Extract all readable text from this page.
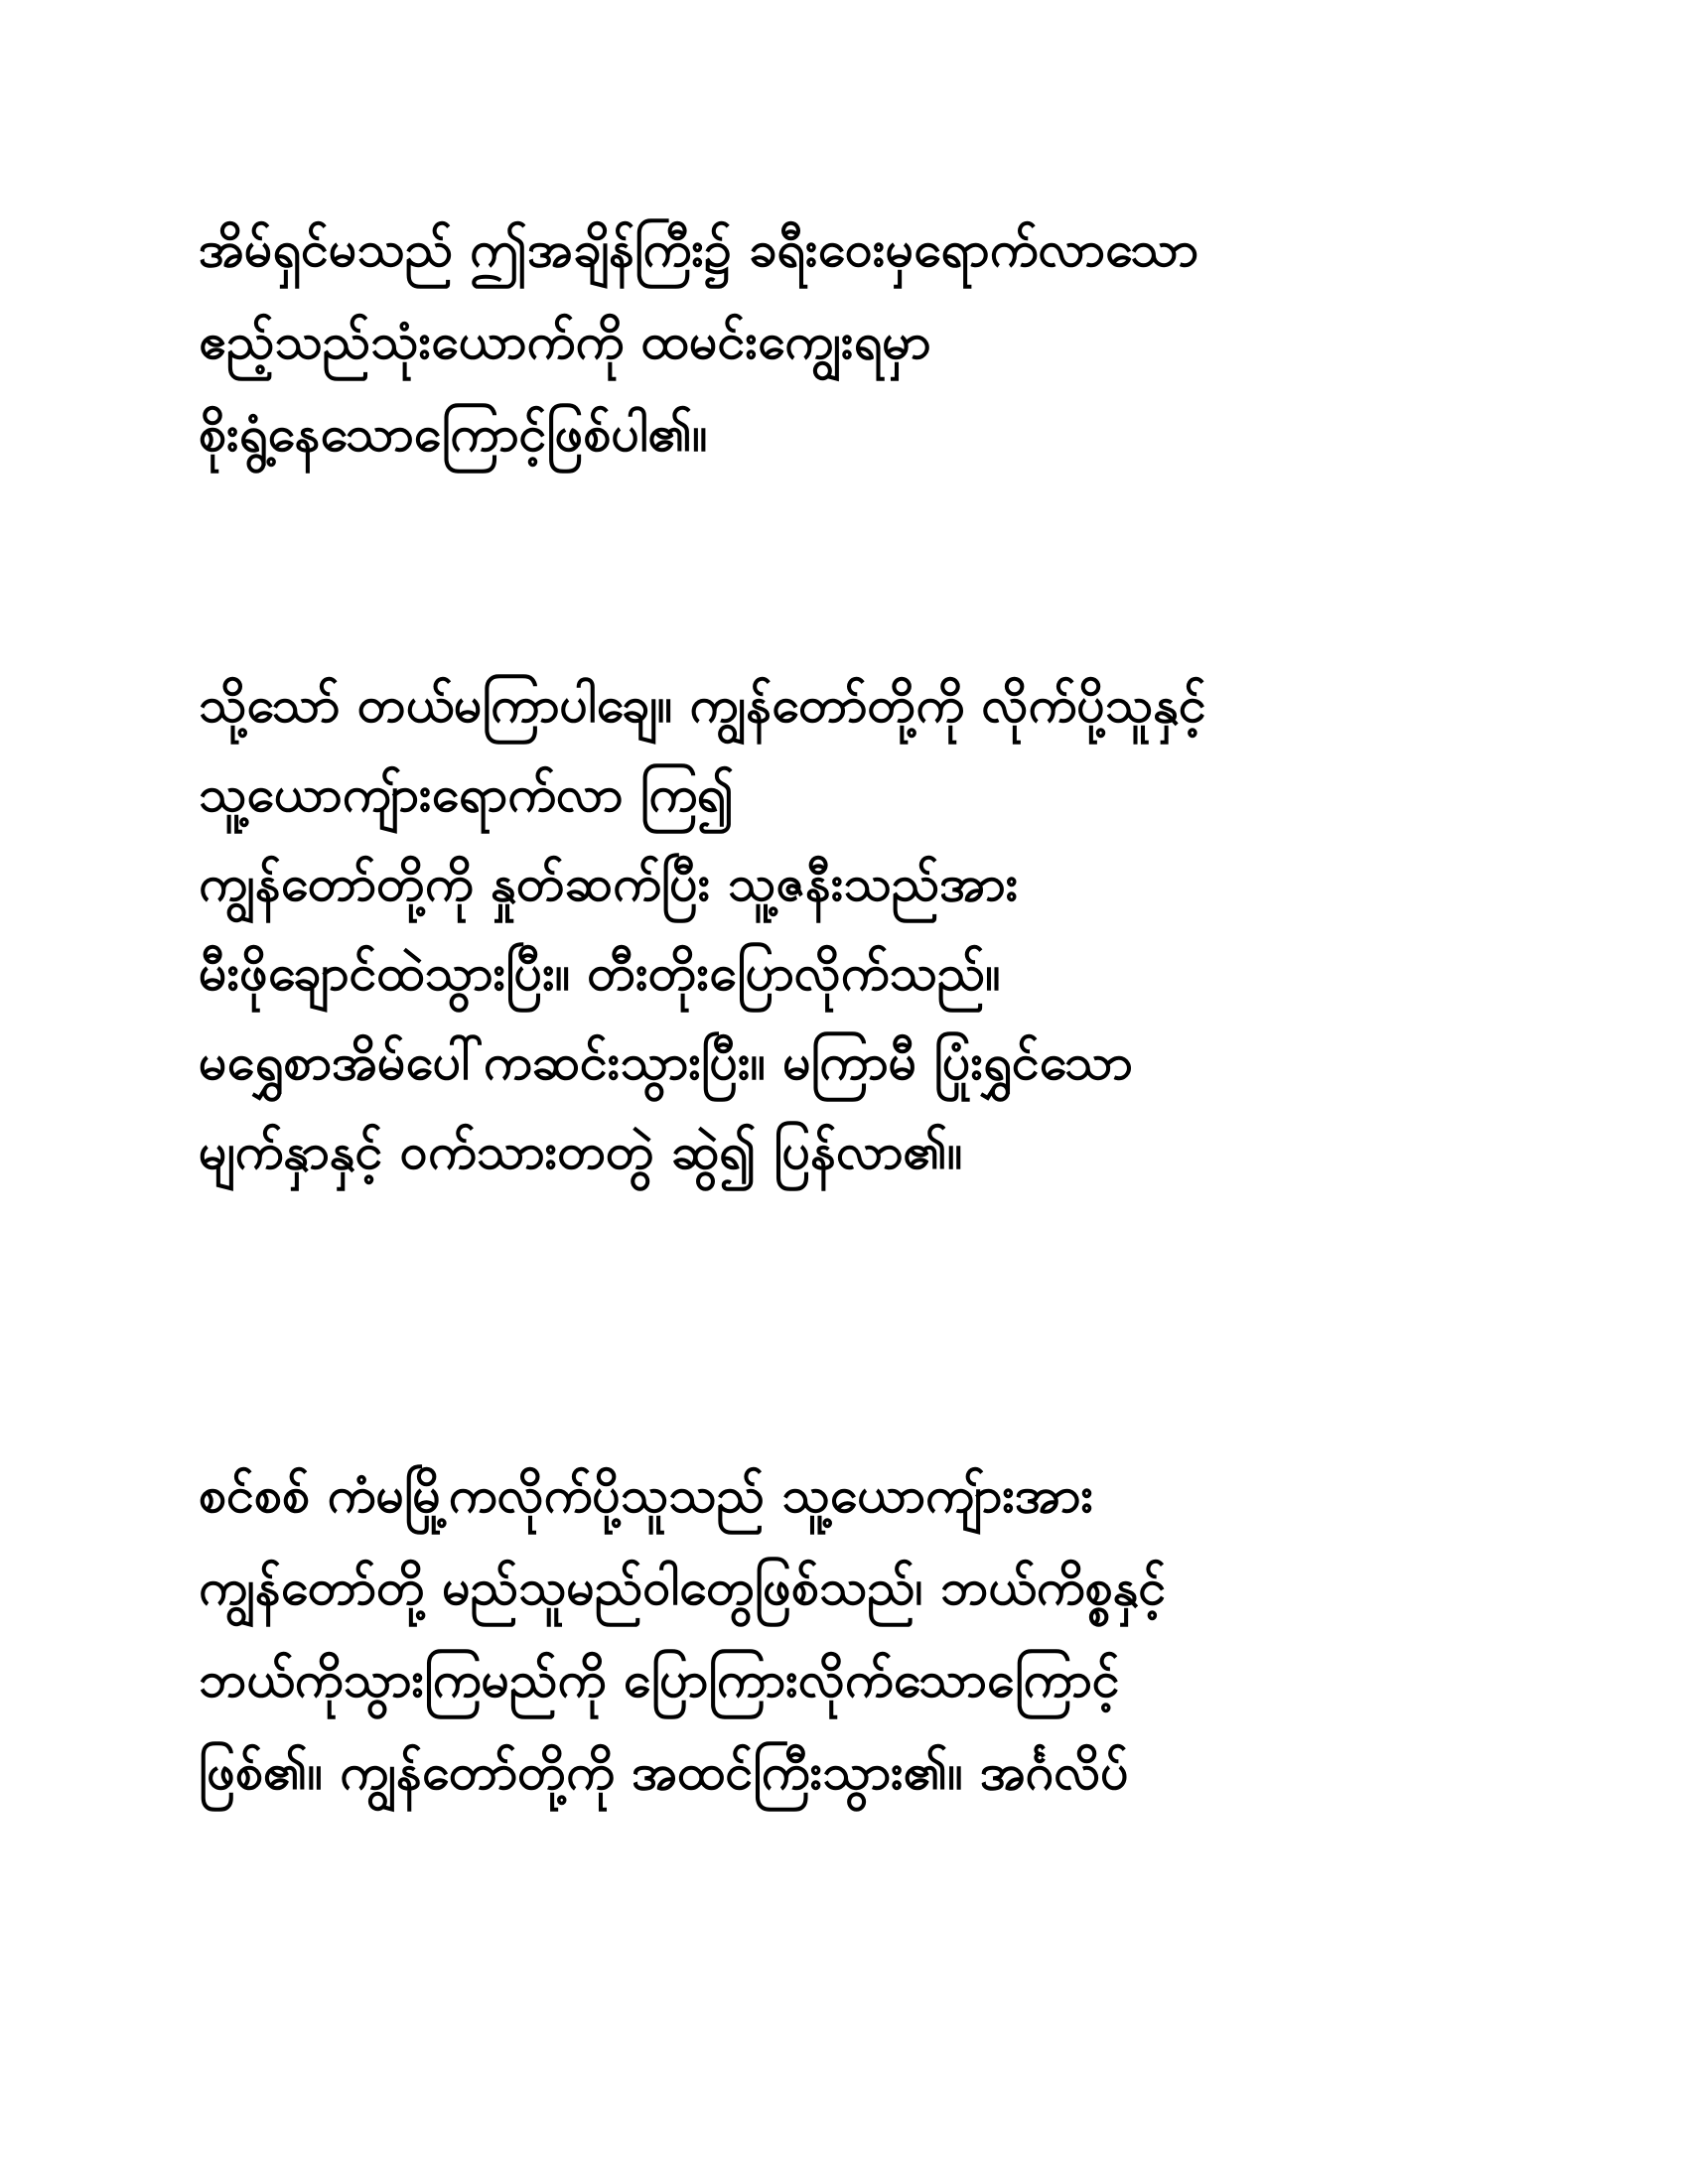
အိမ်ရှင်မသည် ဤအချိန်ကြီး၌ ခရီးဝေးမှရောက်လာသော
ဧည့်သည်သုံးယောက်ကို ထမင်းကျွေးရမှာ
စိုးရွံ့နေသောကြောင့်ဖြစ်ပါ၏။
သို့သော် တယ်မကြာပါချေ။ ကျွန်တော်တို့ကို လိုက်ပို့သူနှင့်
သူ့ယောကျ်ားရောက်လာ ကြ၍
ကျွန်တော်တို့ကို နှုတ်ဆက်ပြီး သူ့ဇနီးသည်အား
မီးဖိုချောင်ထဲသွားပြီး။ တီးတိုးပြောလိုက်သည်။
မရွှေစာအိမ်ပေါ်ကဆင်းသွားပြီး။ မကြာမီ ပြုံးရွှင်သော
မျက်နှာနှင့် ဝက်သားတတွဲ ဆွဲ၍ ပြန်လာ၏။
စင်စစ် ကံမမြို့ကလိုက်ပို့သူသည် သူ့ယောကျ်ားအား
ကျွန်တော်တို့ မည်သူမည်ဝါတွေဖြစ်သည်၊ ဘယ်ကိစ္စနှင့်
ဘယ်ကိုသွားကြမည်ကို ပြောကြားလိုက်သောကြောင့်
ဖြစ်၏။ ကျွန်တော်တို့ကို အထင်ကြီးသွား၏။ အင်္ဂလိပ်
